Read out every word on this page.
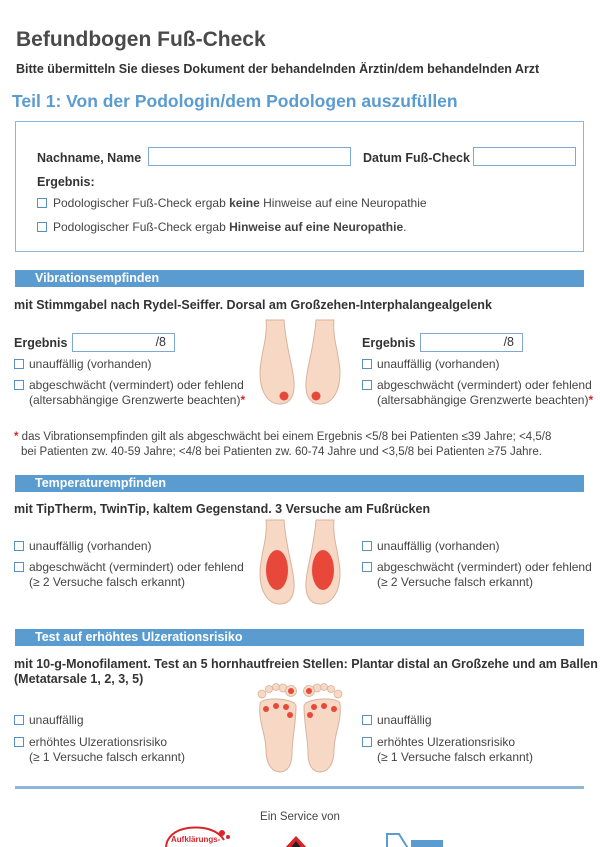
Befundbogen Fuß-Check
Bitte übermitteln Sie dieses Dokument der behandelnden Ärztin/dem behandelnden Arzt
Teil 1: Von der Podologin/dem Podologen auszufüllen
Nachname, Name	Datum Fuß-Check
Ergebnis:
Podologischer Fuß-Check ergab keine Hinweise auf eine Neuropathie
Podologischer Fuß-Check ergab Hinweise auf eine Neuropathie.
Vibrationsempfinden
mit Stimmgabel nach Rydel-Seiffer. Dorsal am Großzehen-Interphalangealgelenk
Ergebnis	/8
unauffällig (vorhanden)
abgeschwächt (vermindert) oder fehlend
(altersabhängige Grenzwerte beachten)*
Ergebnis	/8
unauffällig (vorhanden)
abgeschwächt (vermindert) oder fehlend
(altersabhängige Grenzwerte beachten)*
* das Vibrationsempfinden gilt als abgeschwächt bei einem Ergebnis <5/8 bei Patienten ≤39 Jahre; <4,5/8
bei Patienten zw. 40-59 Jahre; <4/8 bei Patienten zw. 60-74 Jahre und <3,5/8 bei Patienten ≥75 Jahre.
Temperaturempfinden
mit TipTherm, TwinTip, kaltem Gegenstand. 3 Versuche am Fußrücken
unauffällig (vorhanden)
abgeschwächt (vermindert) oder fehlend
(≥ 2 Versuche falsch erkannt)
unauffällig (vorhanden)
abgeschwächt (vermindert) oder fehlend
(≥ 2 Versuche falsch erkannt)
Test auf erhöhtes Ulzerationsrisiko
mit 10-g-Monofilament. Test an 5 hornhautfreien Stellen: Plantar distal an Großzehe und am Ballen
(Metatarsale 1, 2, 3, 5)
unauffällig
erhöhtes Ulzerationsrisiko
(≥ 1 Versuche falsch erkannt)
unauffällig
erhöhtes Ulzerationsrisiko
(≥ 1 Versuche falsch erkannt)
Ein Service von
Aufklärungs-
